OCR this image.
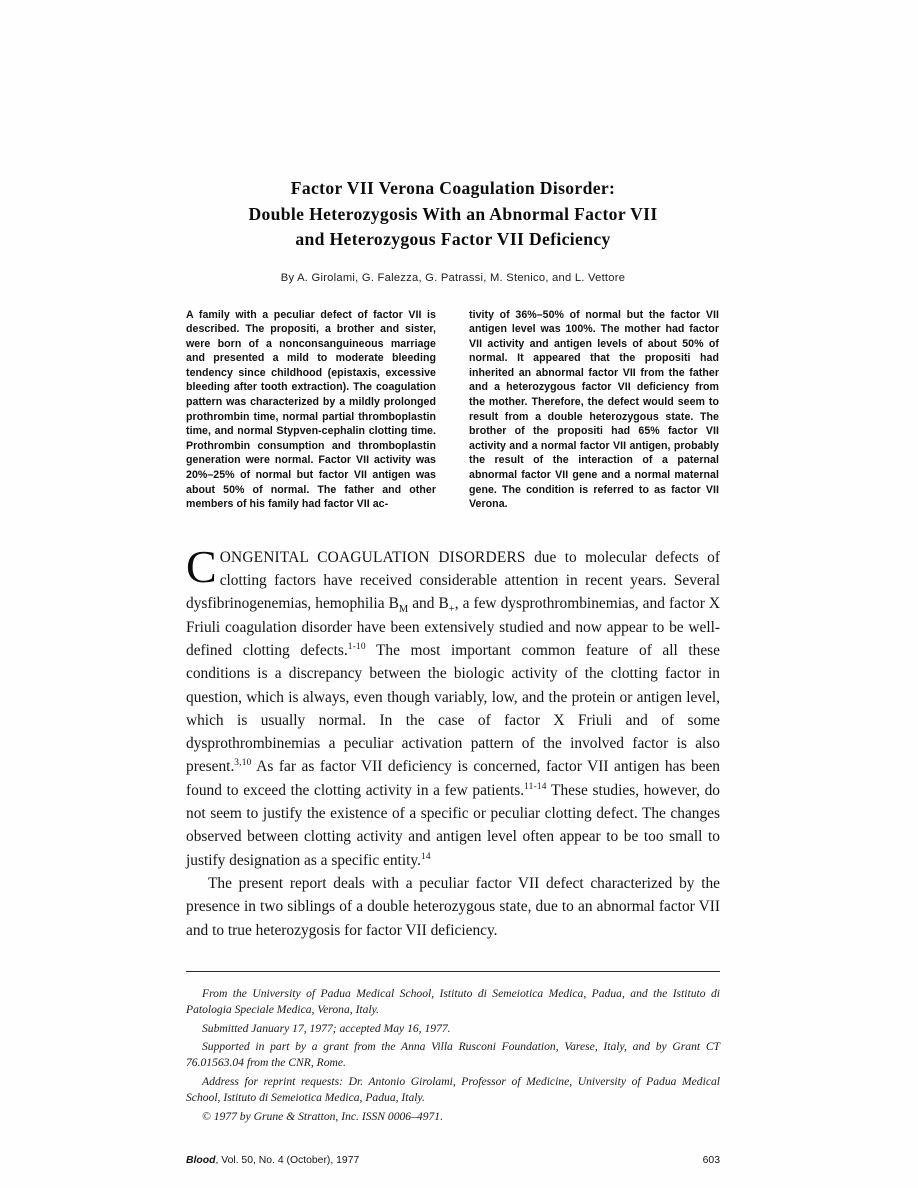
Factor VII Verona Coagulation Disorder:
Double Heterozygosis With an Abnormal Factor VII
and Heterozygous Factor VII Deficiency
By A. Girolami, G. Falezza, G. Patrassi, M. Stenico, and L. Vettore
A family with a peculiar defect of factor VII is described. The propositi, a brother and sister, were born of a nonconsanguineous marriage and presented a mild to moderate bleeding tendency since childhood (epistaxis, excessive bleeding after tooth extraction). The coagulation pattern was characterized by a mildly prolonged prothrombin time, normal partial thromboplastin time, and normal Stypven-cephalin clotting time. Prothrombin consumption and thromboplastin generation were normal. Factor VII activity was 20%–25% of normal but factor VII antigen was about 50% of normal. The father and other members of his family had factor VII ac-
tivity of 36%–50% of normal but the factor VII antigen level was 100%. The mother had factor VII activity and antigen levels of about 50% of normal. It appeared that the propositi had inherited an abnormal factor VII from the father and a heterozygous factor VII deficiency from the mother. Therefore, the defect would seem to result from a double heterozygous state. The brother of the propositi had 65% factor VII activity and a normal factor VII antigen, probably the result of the interaction of a paternal abnormal factor VII gene and a normal maternal gene. The condition is referred to as factor VII Verona.

CONGENITAL COAGULATION DISORDERS due to molecular defects of clotting factors have received considerable attention in recent years. Several dysfibrinogenemias, hemophilia $B_M$ and $B_+$, a few dysprothrombinemias, and factor X Friuli coagulation disorder have been extensively studied and now appear to be well-defined clotting defects.$^{1-10}$ The most important common feature of all these conditions is a discrepancy between the biologic activity of the clotting factor in question, which is always, even though variably, low, and the protein or antigen level, which is usually normal. In the case of factor X Friuli and of some dysprothrombinemias a peculiar activation pattern of the involved factor is also present.$^{3,10}$ As far as factor VII deficiency is concerned, factor VII antigen has been found to exceed the clotting activity in a few patients.$^{11-14}$ These studies, however, do not seem to justify the existence of a specific or peculiar clotting defect. The changes observed between clotting activity and antigen level often appear to be too small to justify designation as a specific entity.$^{14}$

The present report deals with a peculiar factor VII defect characterized by the presence in two siblings of a double heterozygous state, due to an abnormal factor VII and to true heterozygosis for factor VII deficiency.

From the University of Padua Medical School, Istituto di Semeiotica Medica, Padua, and the Istituto di Patologia Speciale Medica, Verona, Italy.

Submitted January 17, 1977; accepted May 16, 1977.

Supported in part by a grant from the Anna Villa Rusconi Foundation, Varese, Italy, and by Grant CT 76.01563.04 from the CNR, Rome.

Address for reprint requests: Dr. Antonio Girolami, Professor of Medicine, University of Padua Medical School, Istituto di Semeiotica Medica, Padua, Italy.

© 1977 by Grune & Stratton, Inc. ISSN 0006–4971.

Blood, Vol. 50, No. 4 (October), 1977	603
